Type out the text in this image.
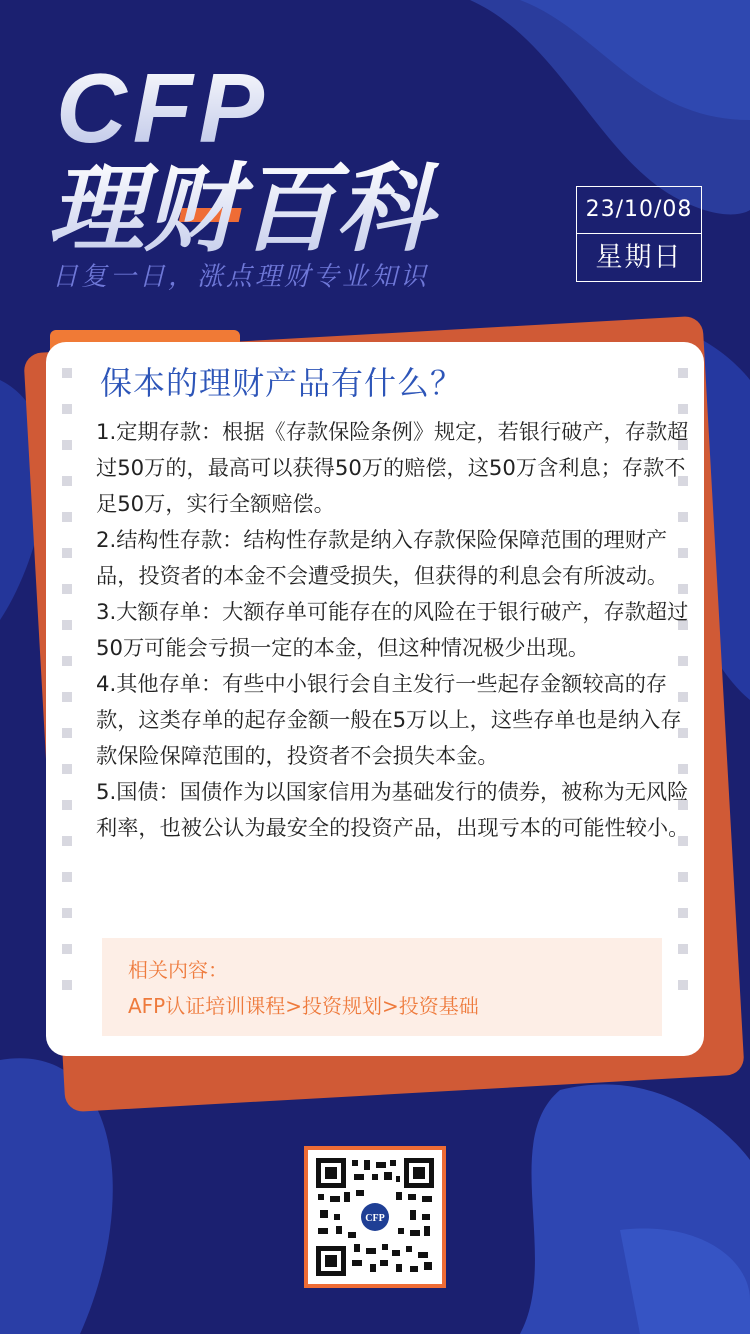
CFP
理财百科

日复一日，涨点理财专业知识

23/10/08
星期日
保本的理财产品有什么？

1.定期存款：根据《存款保险条例》规定，若银行破产，存款超过50万的，最高可以获得50万的赔偿，这50万含利息；存款不足50万，实行全额赔偿。

2.结构性存款：结构性存款是纳入存款保险保障范围的理财产品，投资者的本金不会遭受损失，但获得的利息会有所波动。

3.大额存单：大额存单可能存在的风险在于银行破产，存款超过50万可能会亏损一定的本金，但这种情况极少出现。

4.其他存单：有些中小银行会自主发行一些起存金额较高的存款，这类存单的起存金额一般在5万以上，这些存单也是纳入存款保险保障范围的，投资者不会损失本金。

5.国债：国债作为以国家信用为基础发行的债券，被称为无风险利率，也被公认为最安全的投资产品，出现亏本的可能性较小。

相关内容：

AFP认证培训课程>投资规划>投资基础

CFP
